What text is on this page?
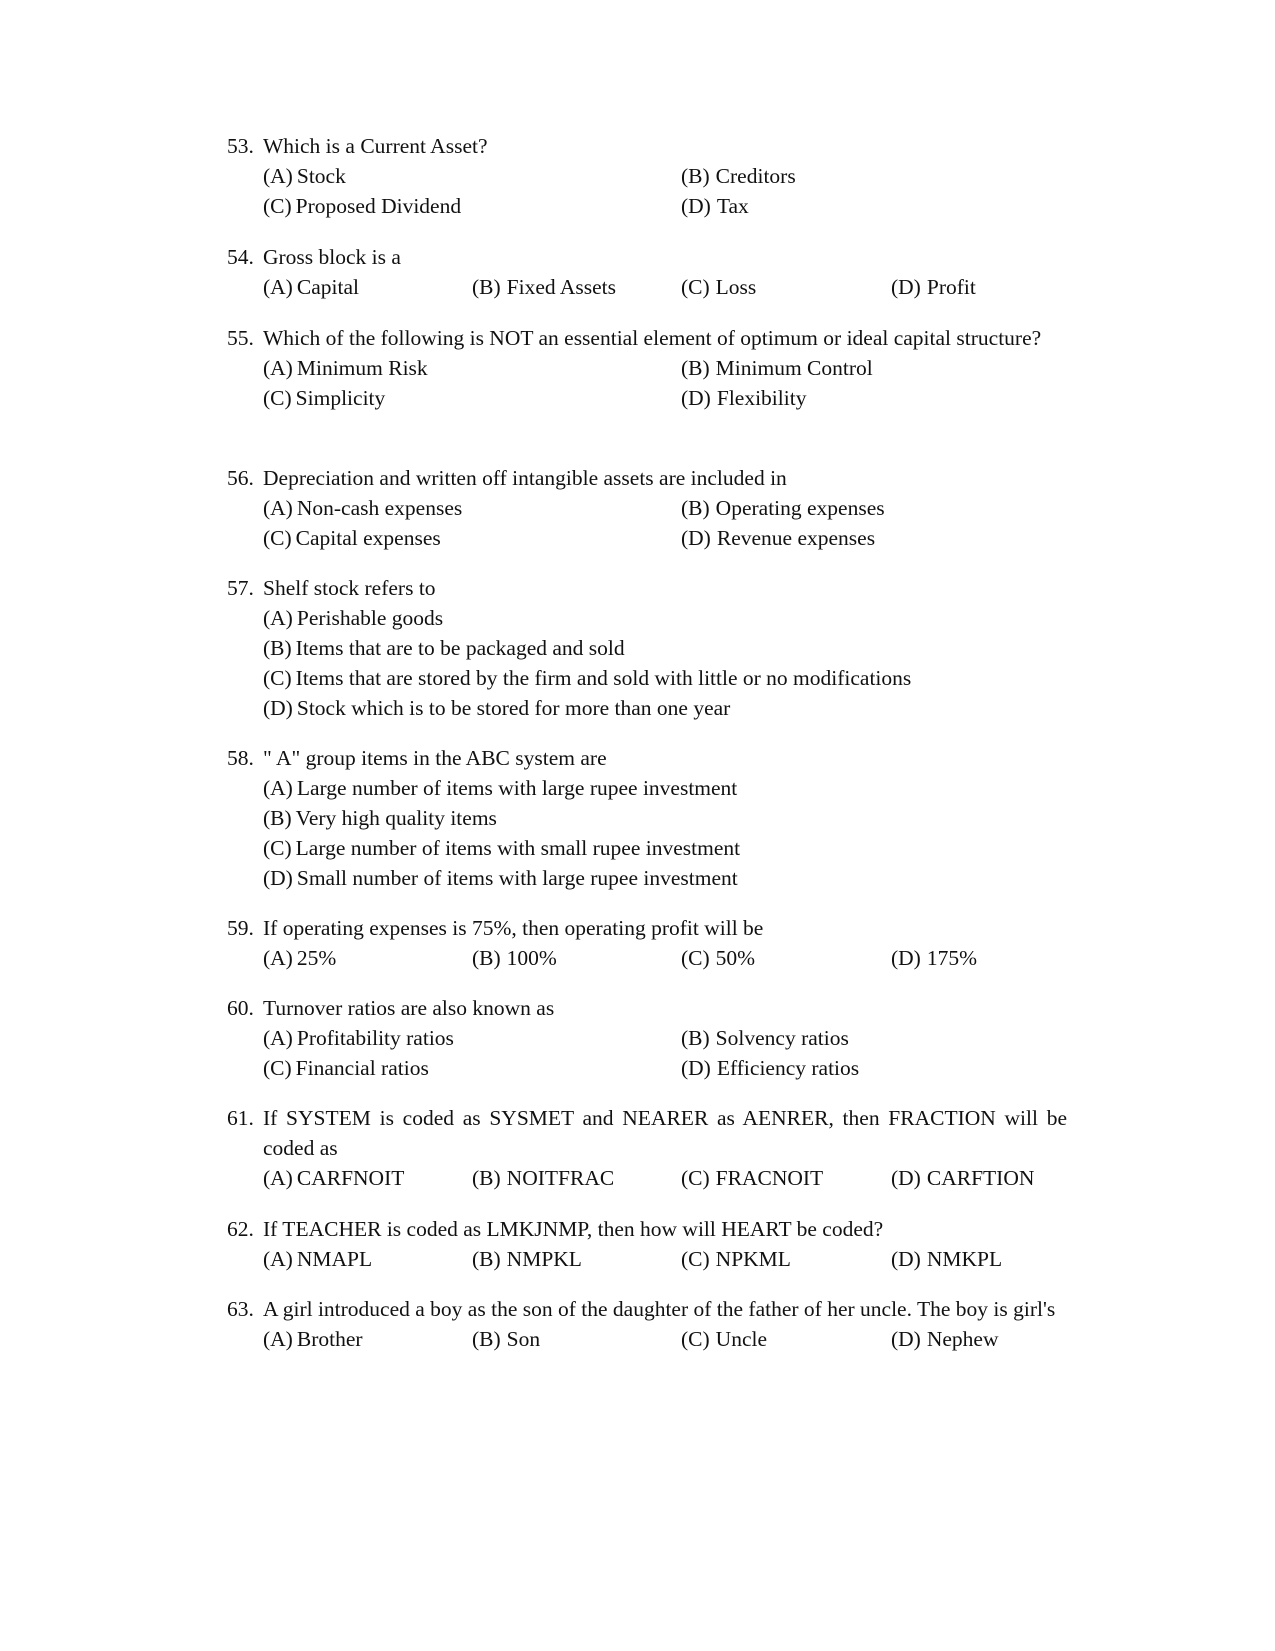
53. Which is a Current Asset?
(A) Stock	(B) Creditors
(C) Proposed Dividend	(D) Tax
54. Gross block is a
(A) Capital	(B) Fixed Assets	(C) Loss	(D) Profit
55. Which of the following is NOT an essential element of optimum or ideal capital structure?
(A) Minimum Risk	(B) Minimum Control
(C) Simplicity	(D) Flexibility
56. Depreciation and written off intangible assets are included in
(A) Non-cash expenses	(B) Operating expenses
(C) Capital expenses	(D) Revenue expenses
57. Shelf stock refers to
(A) Perishable goods
(B) Items that are to be packaged and sold
(C) Items that are stored by the firm and sold with little or no modifications
(D) Stock which is to be stored for more than one year
58. " A" group items in the ABC system are
(A) Large number of items with large rupee investment
(B) Very high quality items
(C) Large number of items with small rupee investment
(D) Small number of items with large rupee investment
59. If operating expenses is 75%, then operating profit will be
(A) 25%	(B) 100%	(C) 50%	(D) 175%
60. Turnover ratios are also known as
(A) Profitability ratios	(B) Solvency ratios
(C) Financial ratios	(D) Efficiency ratios
61. If SYSTEM is coded as SYSMET and NEARER as AENRER, then FRACTION will be coded as
(A) CARFNOIT	(B) NOITFRAC	(C) FRACNOIT	(D) CARFTION
62. If TEACHER is coded as LMKJNMP, then how will HEART be coded?
(A) NMAPL	(B) NMPKL	(C) NPKML	(D) NMKPL
63. A girl introduced a boy as the son of the daughter of the father of her uncle. The boy is girl's
(A) Brother	(B) Son	(C) Uncle	(D) Nephew
